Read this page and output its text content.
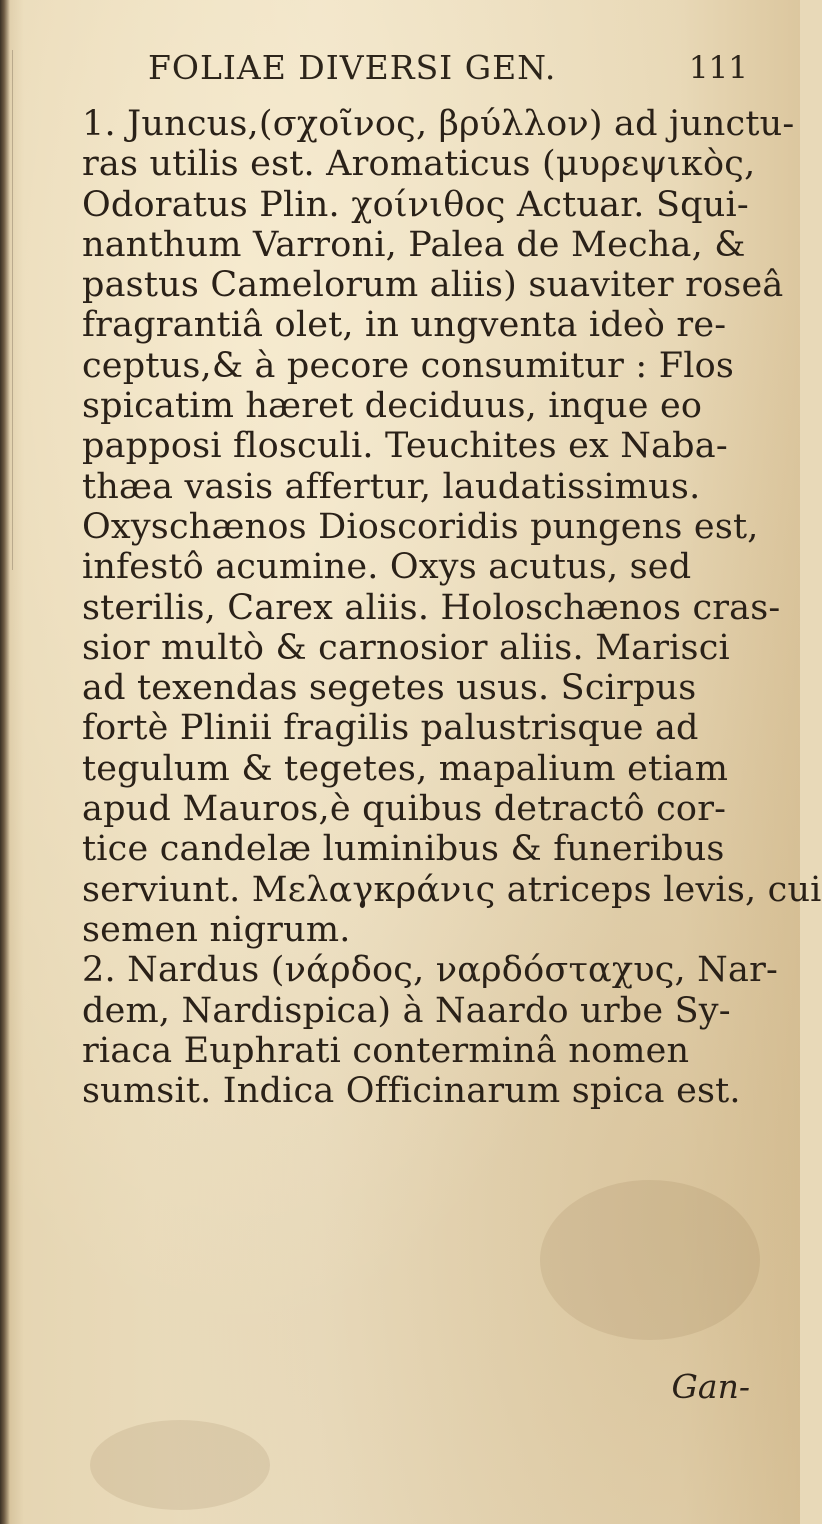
FOLIAE DIVERSI GEN.	111
1. Juncus,(σχοῖνος, βρύλλον) ad junctu-
ras utilis est. Aromaticus (μυρεψικὸς,
Odoratus Plin. χοίνιθος Actuar. Squi-
nanthum Varroni, Palea de Mecha, &
pastus Camelorum aliis) suaviter roseâ
fragrantiâ olet, in ungventa ideò re-
ceptus,& à pecore consumitur : Flos
spicatim hæret deciduus, inque eo
papposi flosculi. Teuchites ex Naba-
thæa vasis affertur, laudatissimus.
Oxyschænos Dioscoridis pungens est,
infestô acumine. Oxys acutus, sed
sterilis, Carex aliis. Holoschænos cras-
sior multò & carnosior aliis. Marisci
ad texendas segetes usus. Scirpus
fortè Plinii fragilis palustrisque ad
tegulum & tegetes, mapalium etiam
apud Mauros,è quibus detractô cor-
tice candelæ luminibus & funeribus
serviunt. Μελαγκράνις atriceps levis, cui
semen nigrum.
2. Nardus (νάρδος, ναρδόσταχυς, Nar-
dem, Nardispica) à Naardo urbe Sy-
riaca Euphrati conterminâ nomen
sumsit. Indica Officinarum spica est.
Gan-
